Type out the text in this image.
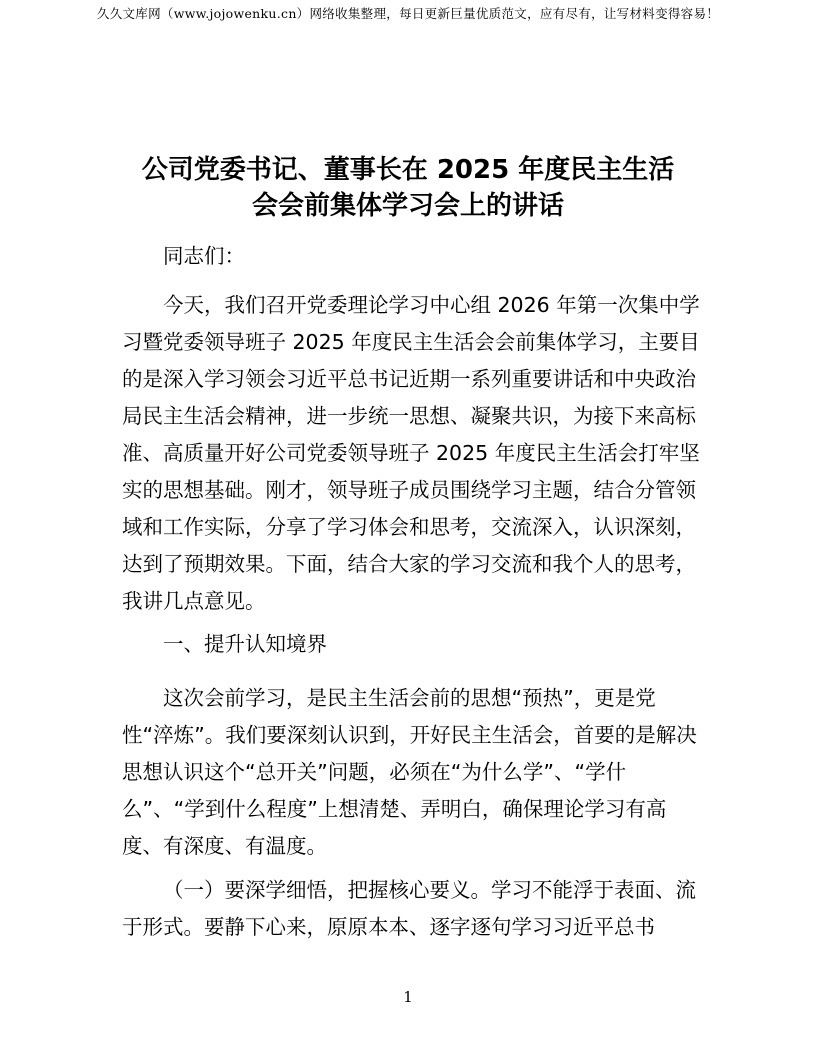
久久文库网（www.jojowenku.cn）网络收集整理，每日更新巨量优质范文，应有尽有，让写材料变得容易！
公司党委书记、董事长在 2025 年度民主生活
会会前集体学习会上的讲话

同志们：

今天，我们召开党委理论学习中心组 2026 年第一次集中学习暨党委领导班子 2025 年度民主生活会会前集体学习，主要目的是深入学习领会习近平总书记近期一系列重要讲话和中央政治局民主生活会精神，进一步统一思想、凝聚共识，为接下来高标准、高质量开好公司党委领导班子 2025 年度民主生活会打牢坚实的思想基础。刚才，领导班子成员围绕学习主题，结合分管领域和工作实际，分享了学习体会和思考，交流深入，认识深刻，达到了预期效果。下面，结合大家的学习交流和我个人的思考，我讲几点意见。

一、提升认知境界

这次会前学习，是民主生活会前的思想“预热”，更是党性“淬炼”。我们要深刻认识到，开好民主生活会，首要的是解决思想认识这个“总开关”问题，必须在“为什么学”、“学什么”、“学到什么程度”上想清楚、弄明白，确保理论学习有高度、有深度、有温度。

（一）要深学细悟，把握核心要义。学习不能浮于表面、流于形式。要静下心来，原原本本、逐字逐句学习习近平总书

1
